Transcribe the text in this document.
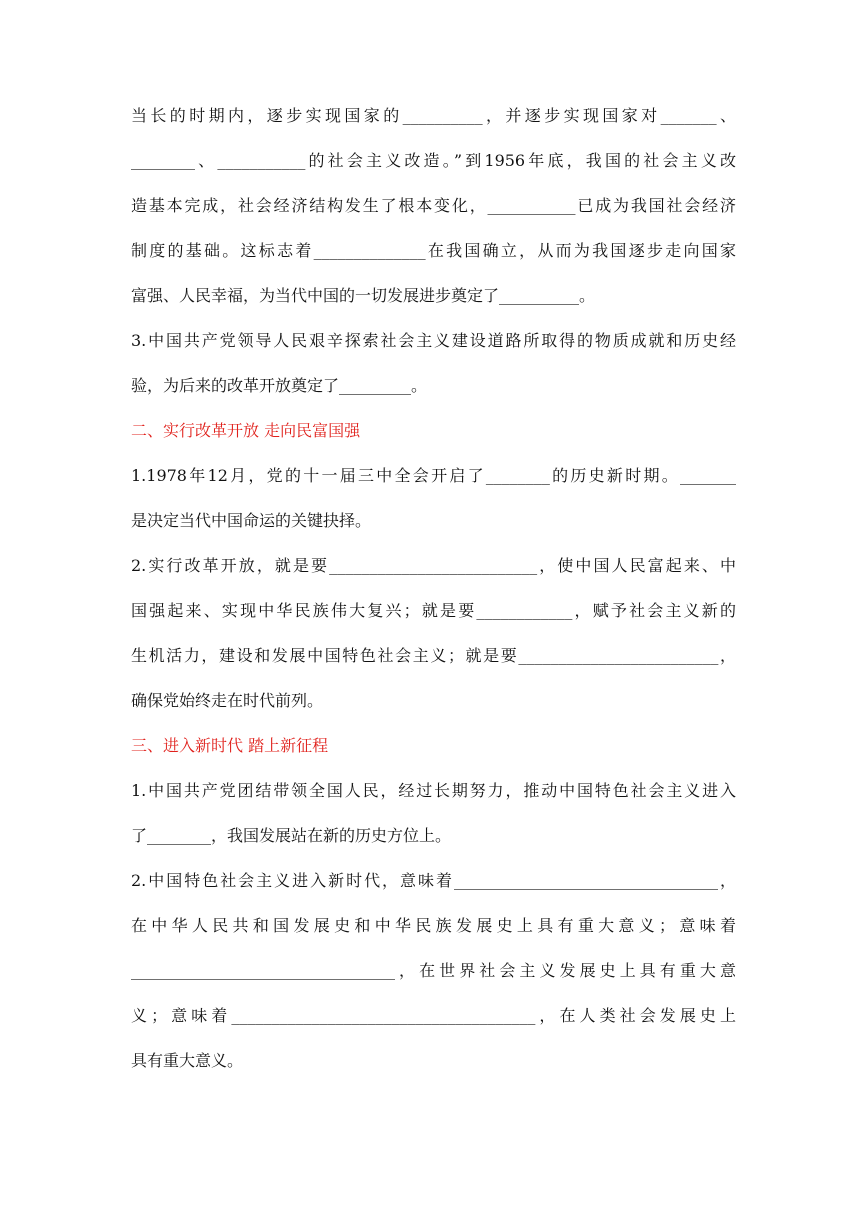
当长的时期内，逐步实现国家的__________，并逐步实现国家对_______、
________、___________的社会主义改造。”到1956年底，我国的社会主义改
造基本完成，社会经济结构发生了根本变化，___________已成为我国社会经济
制度的基础。这标志着______________在我国确立，从而为我国逐步走向国家
富强、人民幸福，为当代中国的一切发展进步奠定了__________。
3.中国共产党领导人民艰辛探索社会主义建设道路所取得的物质成就和历史经
验，为后来的改革开放奠定了_________。
二、实行改革开放 走向民富国强
1.1978年12月，党的十一届三中全会开启了________的历史新时期。_______
是决定当代中国命运的关键抉择。
2.实行改革开放，就是要__________________________，使中国人民富起来、中
国强起来、实现中华民族伟大复兴；就是要____________，赋予社会主义新的
生机活力，建设和发展中国特色社会主义；就是要_________________________，
确保党始终走在时代前列。
三、进入新时代 踏上新征程
1.中国共产党团结带领全国人民，经过长期努力，推动中国特色社会主义进入
了________，我国发展站在新的历史方位上。
2.中国特色社会主义进入新时代，意味着_________________________________，
在中华人民共和国发展史和中华民族发展史上具有重大意义；意味着
_________________________________，在世界社会主义发展史上具有重大意
义；意味着______________________________________，在人类社会发展史上
具有重大意义。
